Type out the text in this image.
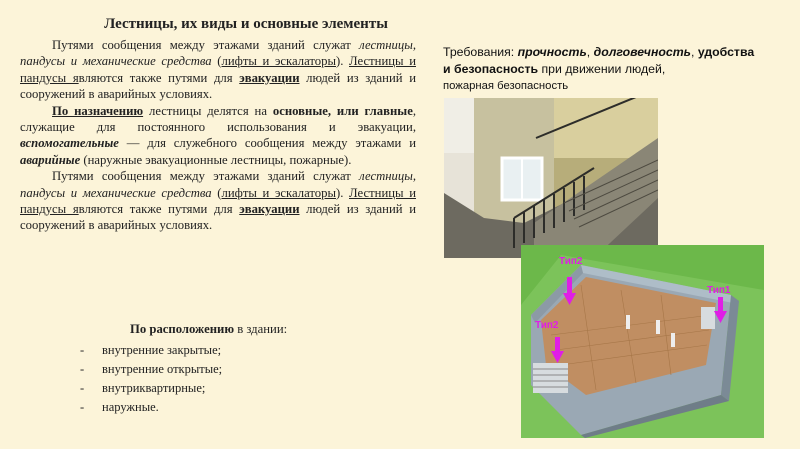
Лестницы, их виды и основные элементы

Путями сообщения между этажами зданий служат лестницы, пандусы и механические средства (лифты и эскалаторы). Лестницы и пандусы являются также путями для эвакуации людей из зданий и сооружений в аварийных условиях.

По назначению лестницы делятся на основные, или главные, служащие для постоянного использования и эвакуации, вспомогательные — для служебного сообщения между этажами и аварийные (наружные эвакуационные лестницы, пожарные).

Путями сообщения между этажами зданий служат лестницы, пандусы и механические средства (лифты и эскалаторы). Лестницы и пандусы являются также путями для эвакуации людей из зданий и сооружений в аварийных условиях.

По расположению в здании:
- внутренние закрытые;
- внутренние открытые;
- внутриквартирные;
- наружные.
Требования: прочность, долговечность, удобства
и безопасность при движении людей,
пожарная безопасность
Тип2
Тип1
Тип2
